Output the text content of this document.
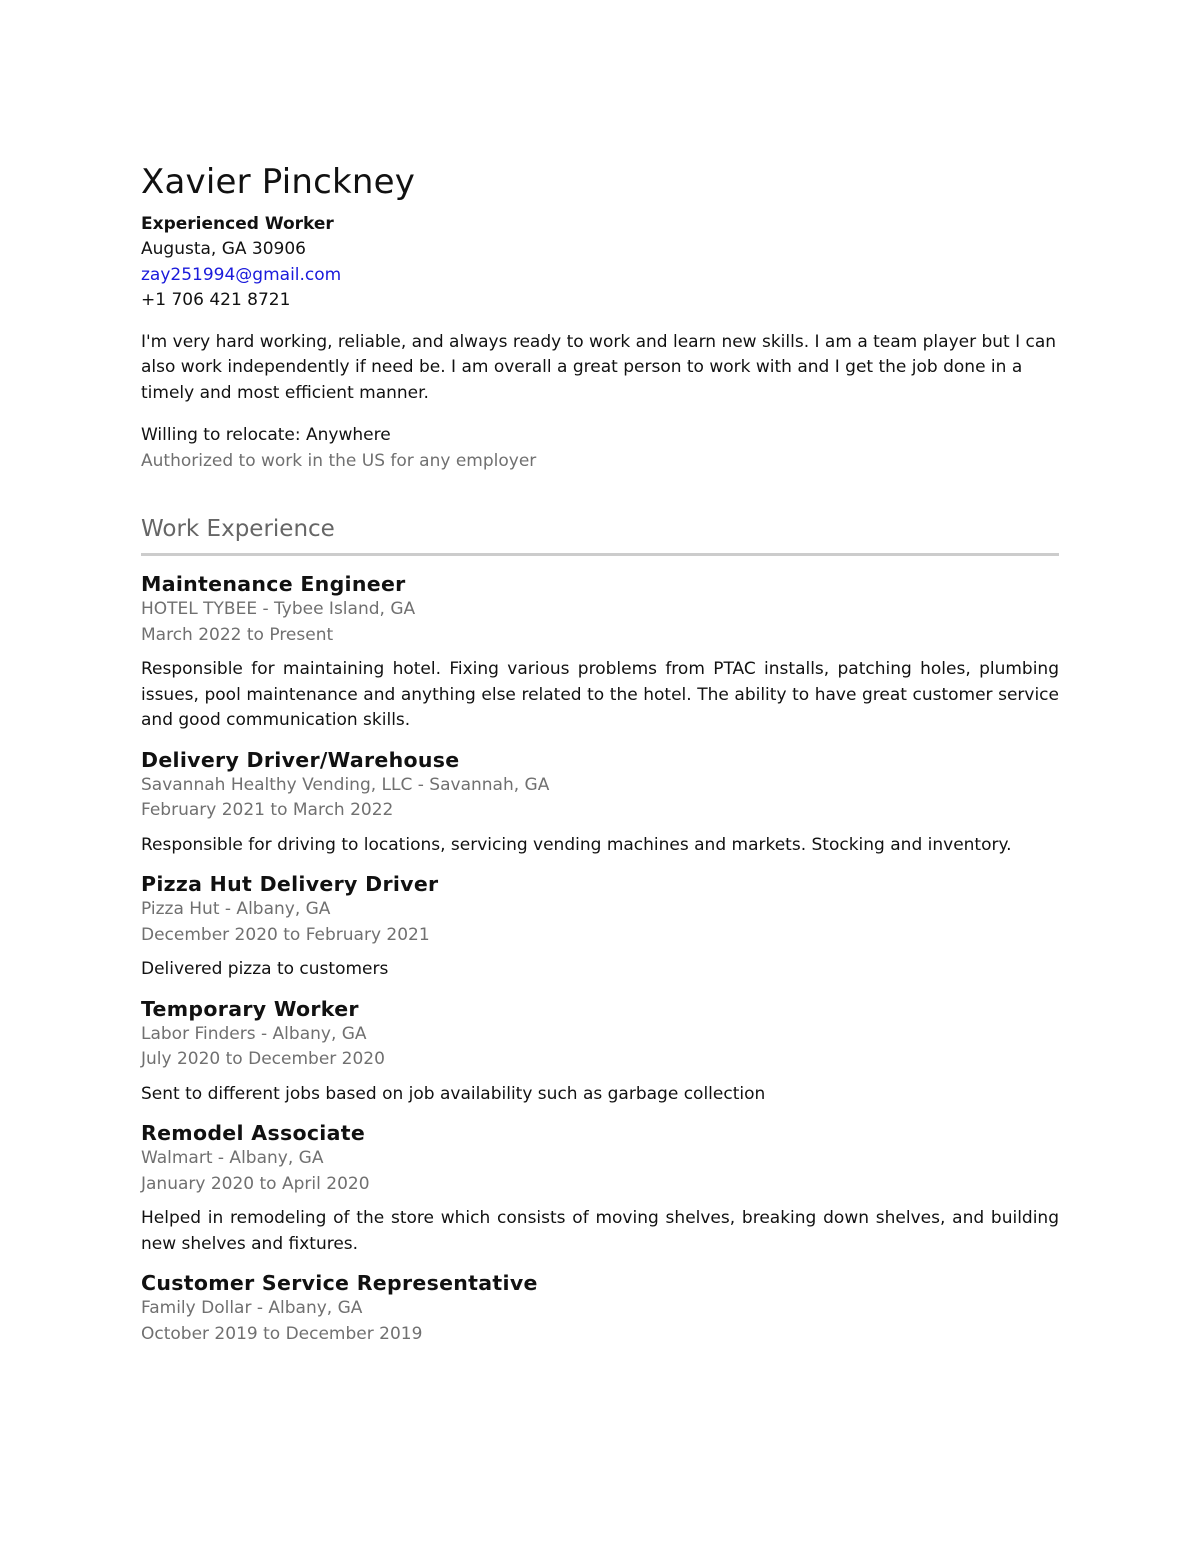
Xavier Pinckney
Experienced Worker
Augusta, GA 30906
zay251994@gmail.com
+1 706 421 8721
I'm very hard working, reliable, and always ready to work and learn new skills. I am a team player but I can also work independently if need be. I am overall a great person to work with and I get the job done in a timely and most efficient manner.
Willing to relocate: Anywhere
Authorized to work in the US for any employer
Work Experience
Maintenance Engineer
HOTEL TYBEE - Tybee Island, GA
March 2022 to Present
Responsible for maintaining hotel. Fixing various problems from PTAC installs, patching holes, plumbing issues, pool maintenance and anything else related to the hotel. The ability to have great customer service and good communication skills.
Delivery Driver/Warehouse
Savannah Healthy Vending, LLC - Savannah, GA
February 2021 to March 2022
Responsible for driving to locations, servicing vending machines and markets. Stocking and inventory.
Pizza Hut Delivery Driver
Pizza Hut - Albany, GA
December 2020 to February 2021
Delivered pizza to customers
Temporary Worker
Labor Finders - Albany, GA
July 2020 to December 2020
Sent to different jobs based on job availability such as garbage collection
Remodel Associate
Walmart - Albany, GA
January 2020 to April 2020
Helped in remodeling of the store which consists of moving shelves, breaking down shelves, and building new shelves and fixtures.
Customer Service Representative
Family Dollar - Albany, GA
October 2019 to December 2019
